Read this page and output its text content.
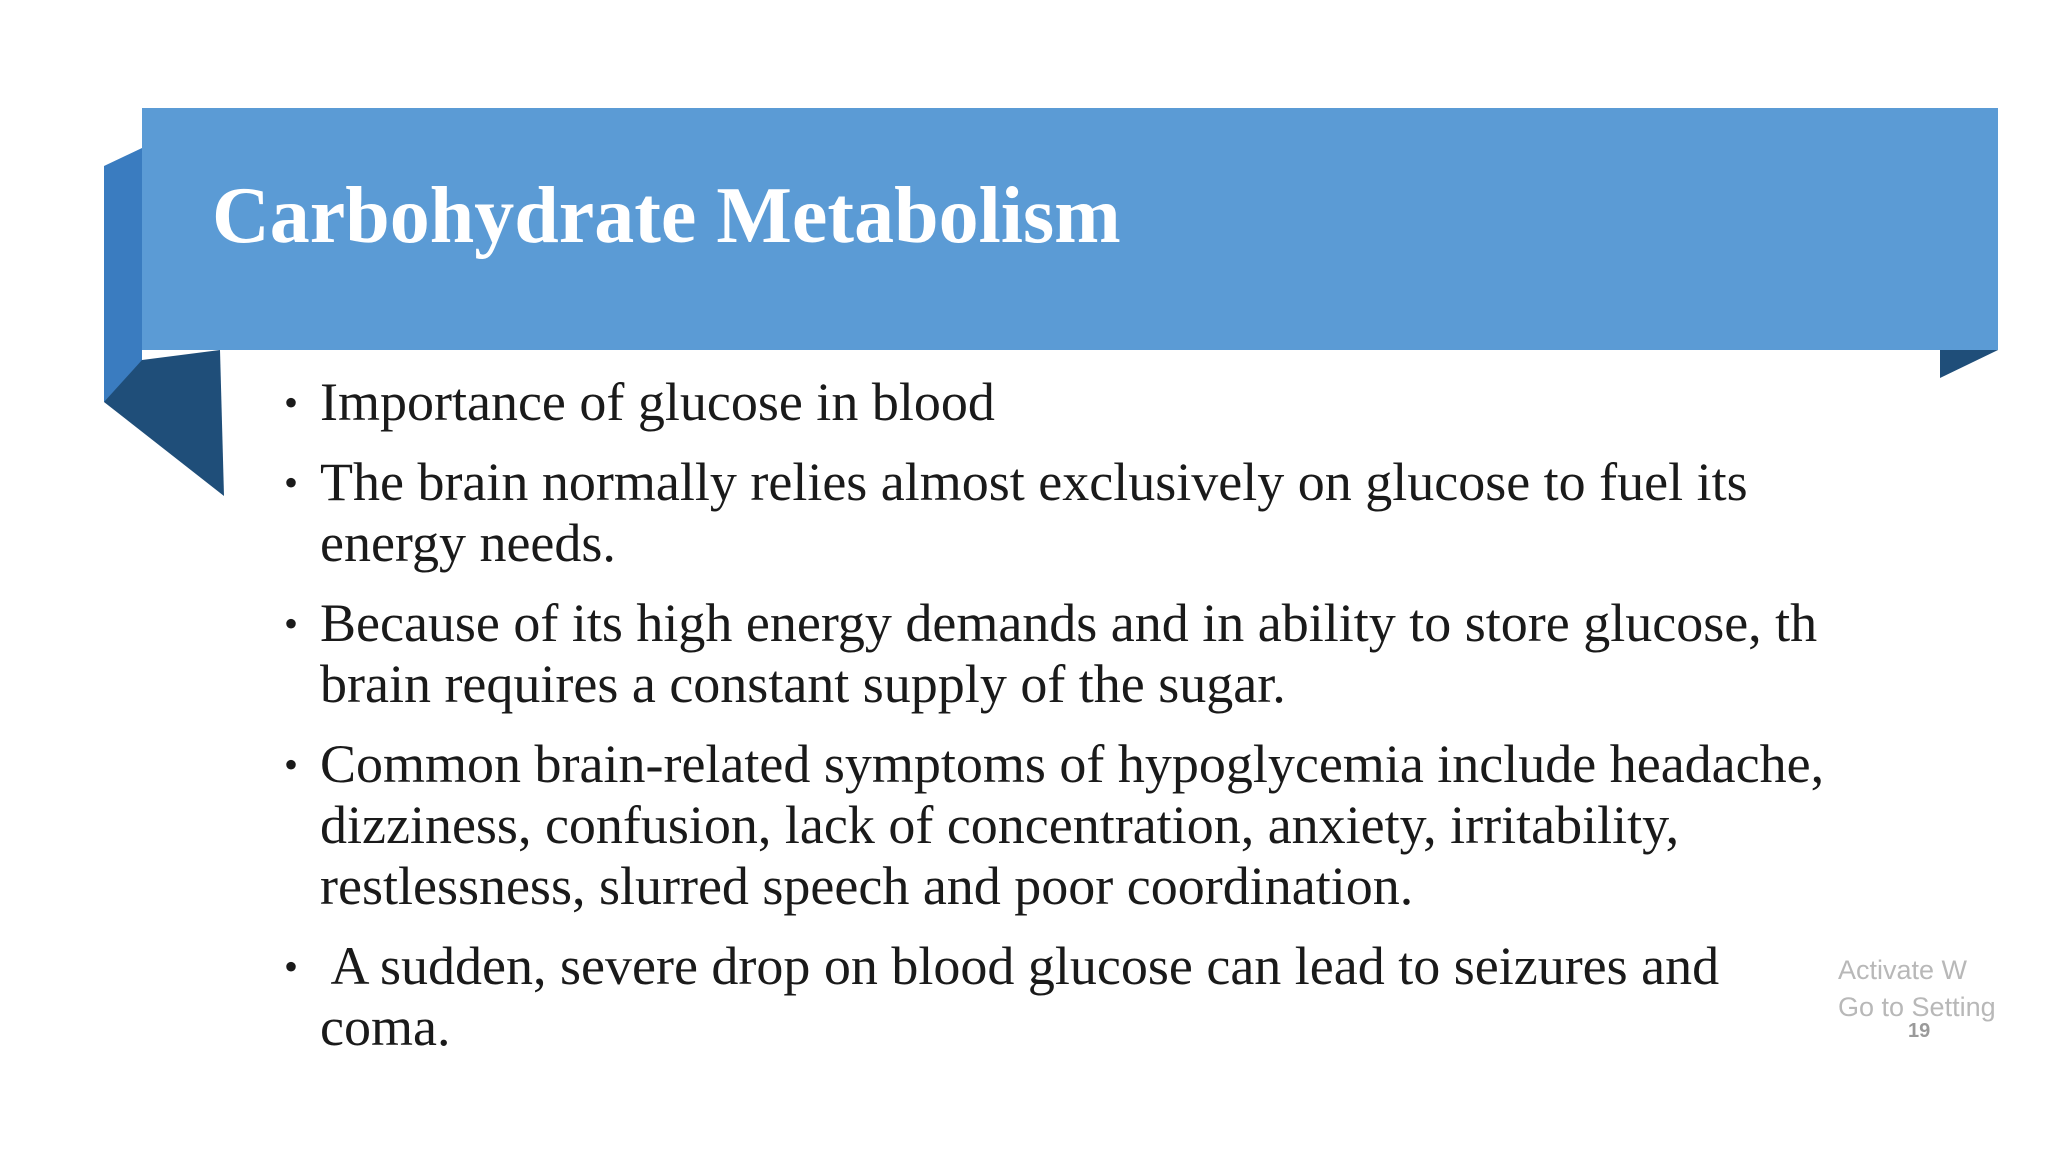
Carbohydrate Metabolism
• Importance of glucose in blood
• The brain normally relies almost exclusively on glucose to fuel its
energy needs.
• Because of its high energy demands and in ability to store glucose, th
brain requires a constant supply of the sugar.
• Common brain-related symptoms of hypoglycemia include headache,
dizziness, confusion, lack of concentration, anxiety, irritability,
restlessness, slurred speech and poor coordination.
• A sudden, severe drop on blood glucose can lead to seizures and
coma.
Activate W
Go to Setting
19
